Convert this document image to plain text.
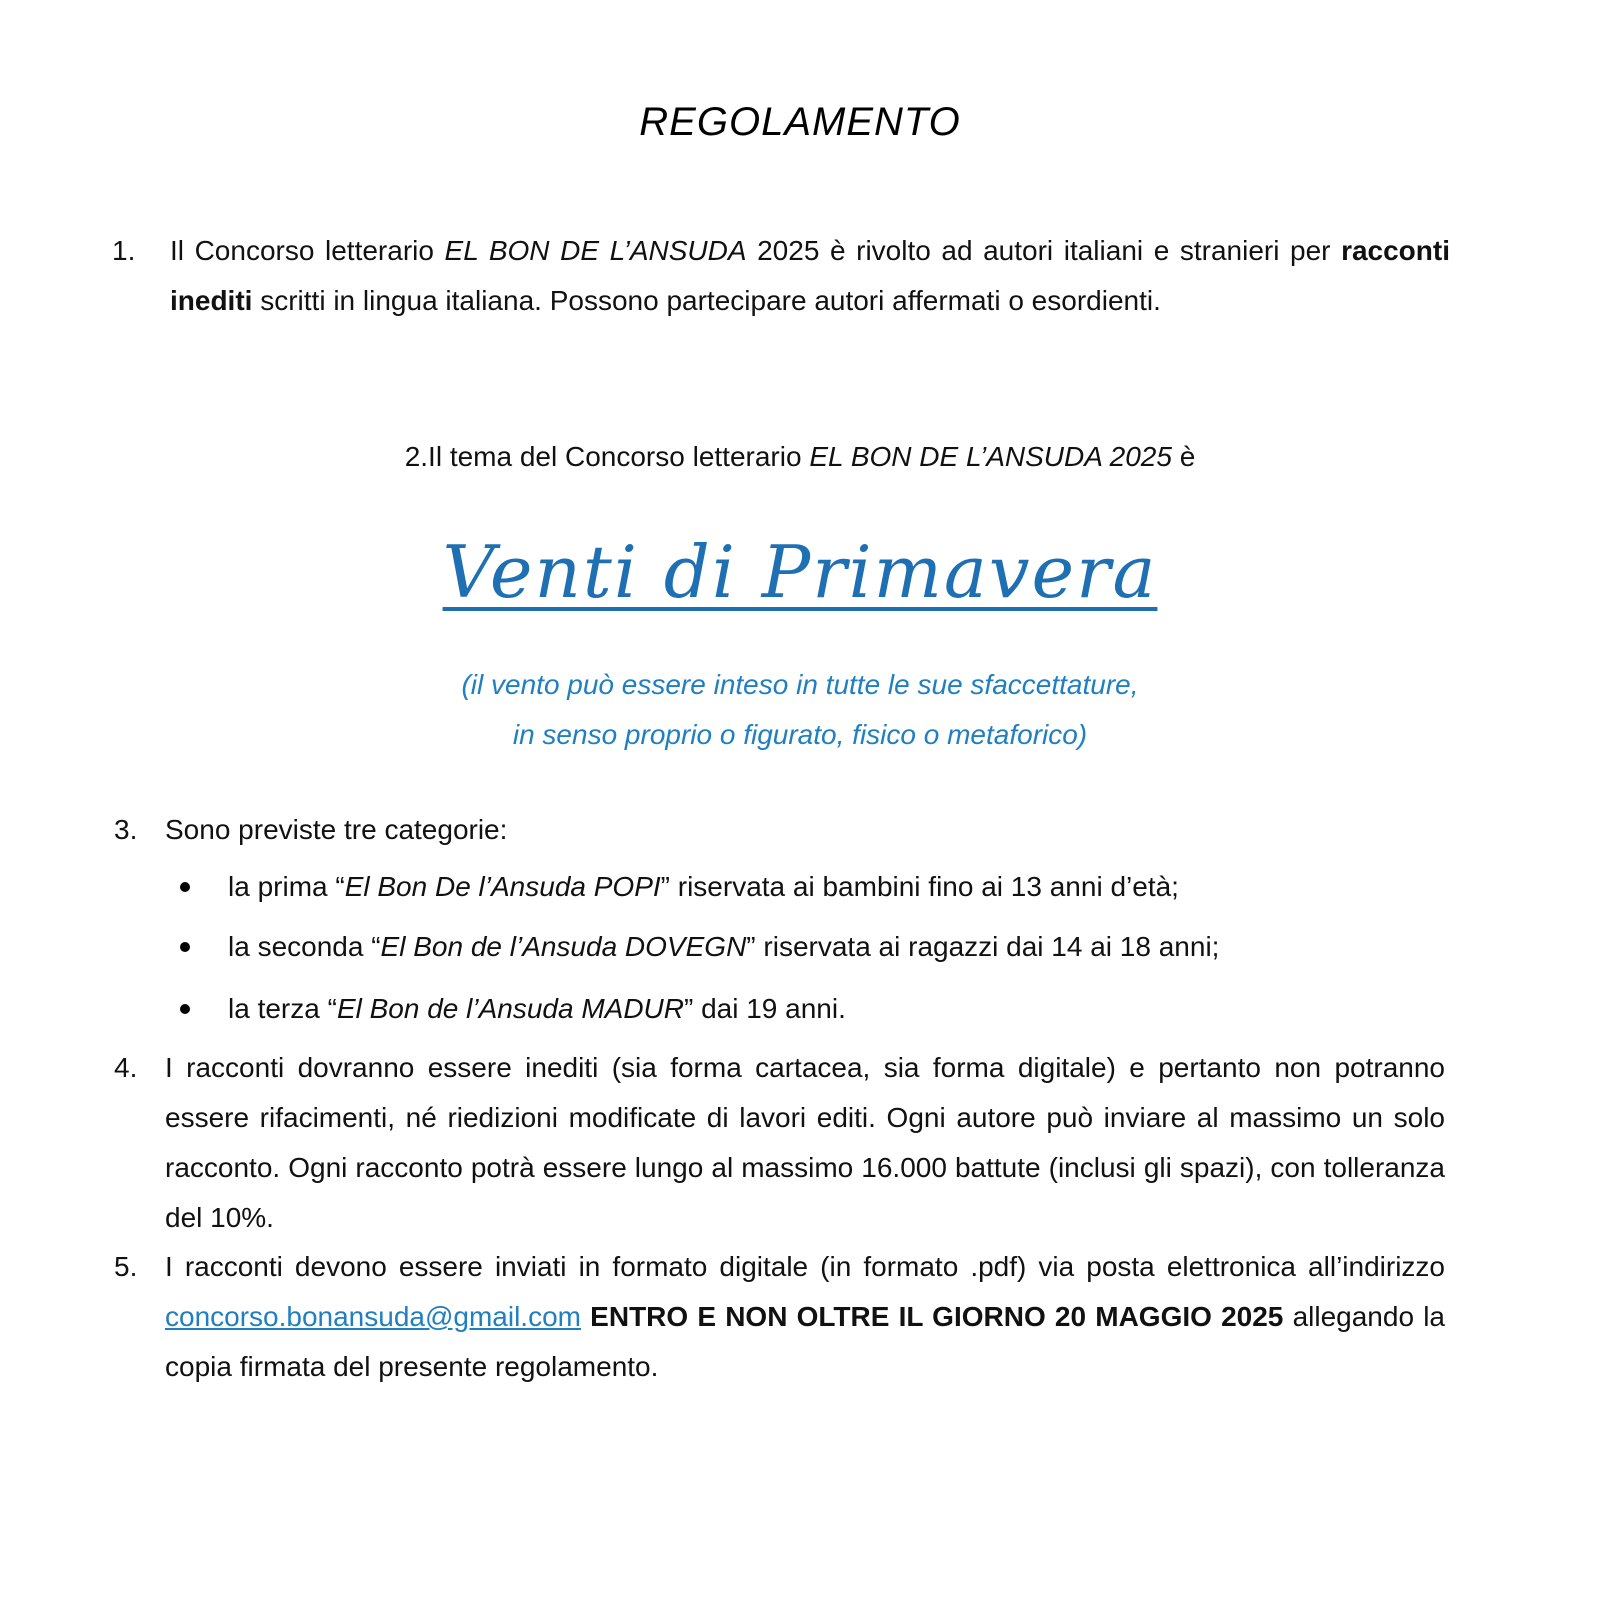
REGOLAMENTO
1. Il Concorso letterario EL BON DE L’ANSUDA 2025 è rivolto ad autori italiani e stranieri per racconti inediti scritti in lingua italiana. Possono partecipare autori affermati o esordienti.
2.Il tema del Concorso letterario EL BON DE L’ANSUDA 2025 è
Venti di Primavera
(il vento può essere inteso in tutte le sue sfaccettature,
in senso proprio o figurato, fisico o metaforico)
3. Sono previste tre categorie:
la prima “El Bon De l’Ansuda POPI” riservata ai bambini fino ai 13 anni d’età;
la seconda “El Bon de l’Ansuda DOVEGN” riservata ai ragazzi dai 14 ai 18 anni;
la terza “El Bon de l’Ansuda MADUR” dai 19 anni.
4. I racconti dovranno essere inediti (sia forma cartacea, sia forma digitale) e pertanto non potranno essere rifacimenti, né riedizioni modificate di lavori editi. Ogni autore può inviare al massimo un solo racconto. Ogni racconto potrà essere lungo al massimo 16.000 battute (inclusi gli spazi), con tolleranza del 10%.
5. I racconti devono essere inviati in formato digitale (in formato .pdf) via posta elettronica all’indirizzo concorso.bonansuda@gmail.com ENTRO E NON OLTRE IL GIORNO 20 MAGGIO 2025 allegando la copia firmata del presente regolamento.
